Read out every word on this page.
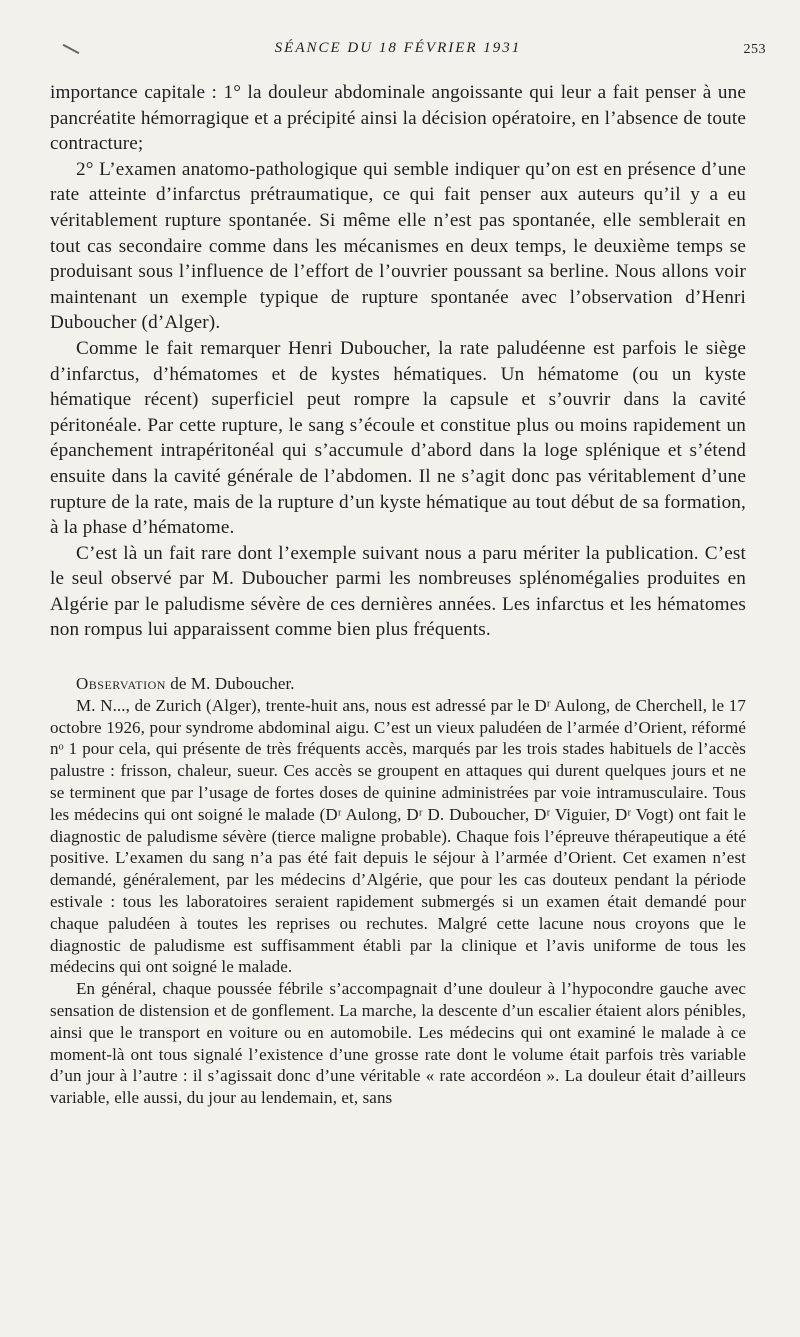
SÉANCE DU 18 FÉVRIER 1931	253

importance capitale : 1° la douleur abdominale angoissante qui leur a fait penser à une pancréatite hémorragique et a précipité ainsi la décision opératoire, en l’absence de toute contracture;

2° L’examen anatomo-pathologique qui semble indiquer qu’on est en présence d’une rate atteinte d’infarctus prétraumatique, ce qui fait penser aux auteurs qu’il y a eu véritablement rupture spontanée. Si même elle n’est pas spontanée, elle semblerait en tout cas secondaire comme dans les mécanismes en deux temps, le deuxième temps se produisant sous l’influence de l’effort de l’ouvrier poussant sa berline. Nous allons voir maintenant un exemple typique de rupture spontanée avec l’observation d’Henri Duboucher (d’Alger).

Comme le fait remarquer Henri Duboucher, la rate paludéenne est parfois le siège d’infarctus, d’hématomes et de kystes hématiques. Un hématome (ou un kyste hématique récent) superficiel peut rompre la capsule et s’ouvrir dans la cavité péritonéale. Par cette rupture, le sang s’écoule et constitue plus ou moins rapidement un épanchement intrapéritonéal qui s’accumule d’abord dans la loge splénique et s’étend ensuite dans la cavité générale de l’abdomen. Il ne s’agit donc pas véritablement d’une rupture de la rate, mais de la rupture d’un kyste hématique au tout début de sa formation, à la phase d’hématome.

C’est là un fait rare dont l’exemple suivant nous a paru mériter la publication. C’est le seul observé par M. Duboucher parmi les nombreuses splénomégalies produites en Algérie par le paludisme sévère de ces dernières années. Les infarctus et les hématomes non rompus lui apparaissent comme bien plus fréquents.

Observation de M. Duboucher.

M. N..., de Zurich (Alger), trente-huit ans, nous est adressé par le Dʳ Aulong, de Cherchell, le 17 octobre 1926, pour syndrome abdominal aigu. C’est un vieux paludéen de l’armée d’Orient, réformé nᵒ 1 pour cela, qui présente de très fréquents accès, marqués par les trois stades habituels de l’accès palustre : frisson, chaleur, sueur. Ces accès se groupent en attaques qui durent quelques jours et ne se terminent que par l’usage de fortes doses de quinine administrées par voie intramusculaire. Tous les médecins qui ont soigné le malade (Dʳ Aulong, Dʳ D. Duboucher, Dʳ Viguier, Dʳ Vogt) ont fait le diagnostic de paludisme sévère (tierce maligne probable). Chaque fois l’épreuve thérapeutique a été positive. L’examen du sang n’a pas été fait depuis le séjour à l’armée d’Orient. Cet examen n’est demandé, généralement, par les médecins d’Algérie, que pour les cas douteux pendant la période estivale : tous les laboratoires seraient rapidement submergés si un examen était demandé pour chaque paludéen à toutes les reprises ou rechutes. Malgré cette lacune nous croyons que le diagnostic de paludisme est suffisamment établi par la clinique et l’avis uniforme de tous les médecins qui ont soigné le malade.

En général, chaque poussée fébrile s’accompagnait d’une douleur à l’hypocondre gauche avec sensation de distension et de gonflement. La marche, la descente d’un escalier étaient alors pénibles, ainsi que le transport en voiture ou en automobile. Les médecins qui ont examiné le malade à ce moment-là ont tous signalé l’existence d’une grosse rate dont le volume était parfois très variable d’un jour à l’autre : il s’agissait donc d’une véritable « rate accordéon ». La douleur était d’ailleurs variable, elle aussi, du jour au lendemain, et, sans
